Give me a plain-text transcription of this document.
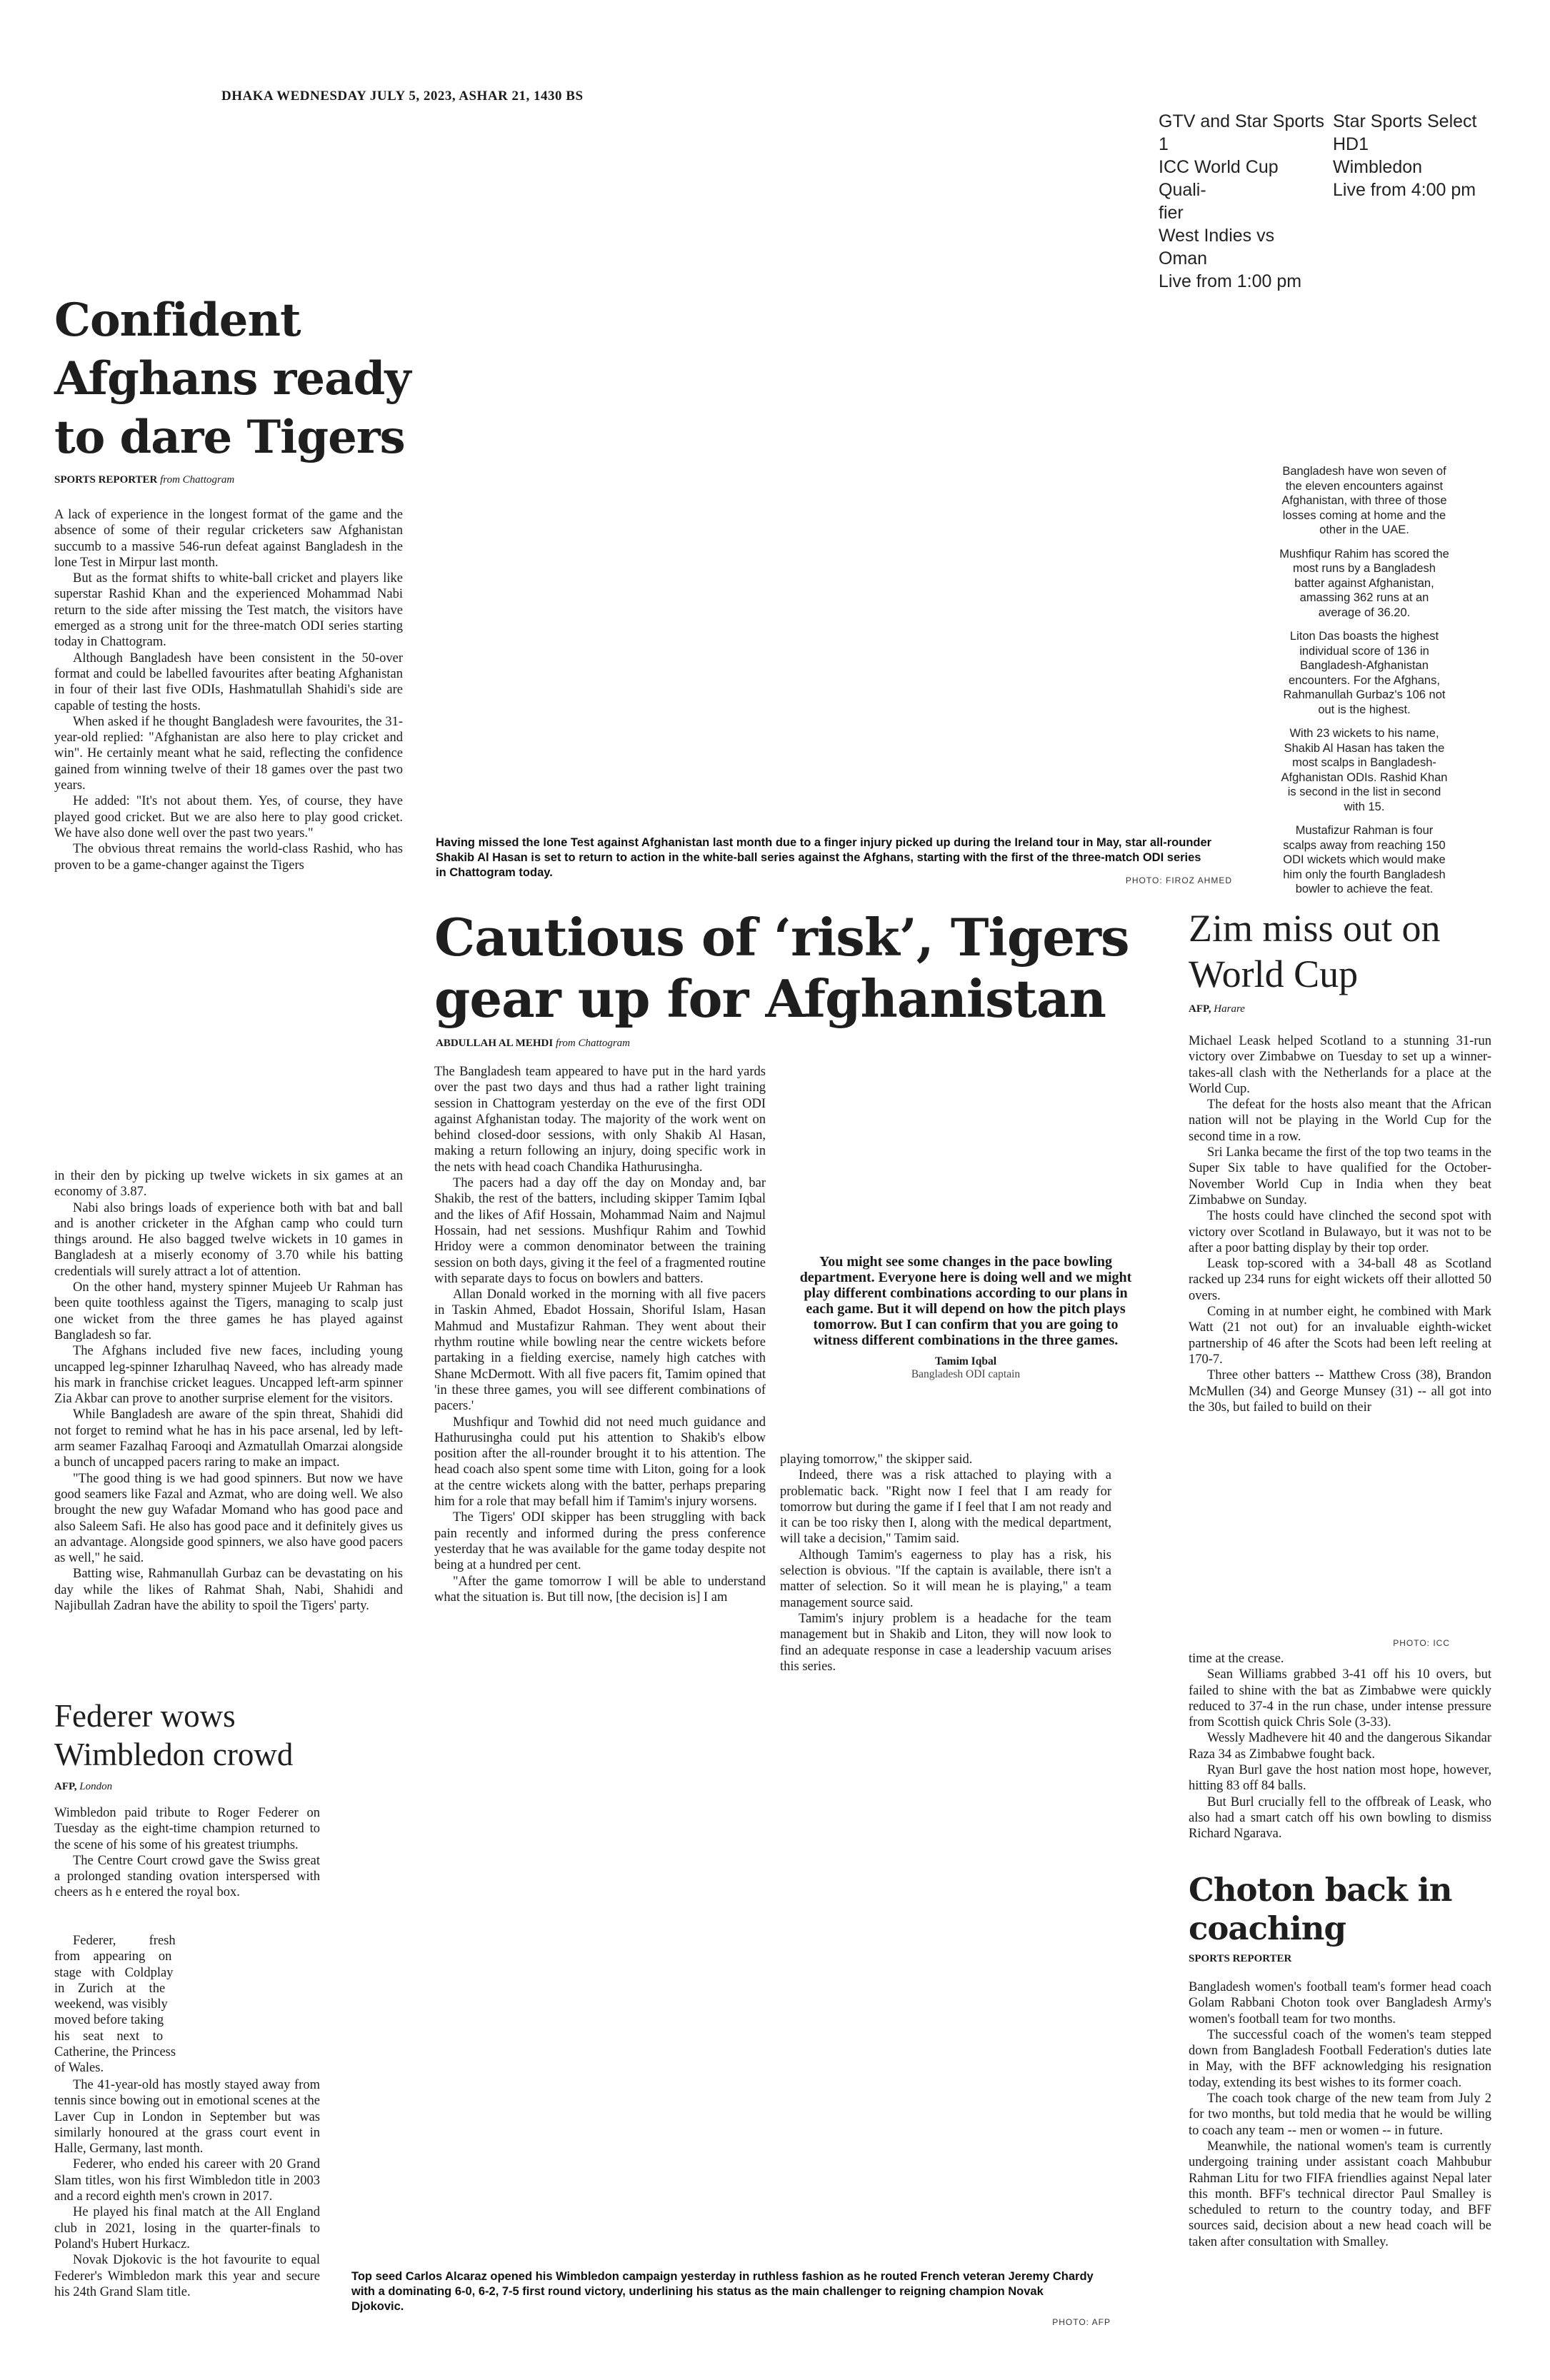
DHAKA WEDNESDAY JULY 5, 2023, ASHAR 21, 1430 BS
GTV and Star Sports 1
ICC World Cup Quali-
fier
West Indies vs Oman
Live from 1:00 pm
Star Sports Select HD1
Wimbledon
Live from 4:00 pm
Confident
Afghans ready
to dare Tigers
SPORTS REPORTER from Chattogram

A lack of experience in the longest format of the game and the absence of some of their regular cricketers saw Afghanistan succumb to a massive 546-run defeat against Bangladesh in the lone Test in Mirpur last month.

But as the format shifts to white-ball cricket and players like superstar Rashid Khan and the experienced Mohammad Nabi return to the side after missing the Test match, the visitors have emerged as a strong unit for the three-match ODI series starting today in Chattogram.

Although Bangladesh have been consistent in the 50-over format and could be labelled favourites after beating Afghanistan in four of their last five ODIs, Hashmatullah Shahidi's side are capable of testing the hosts.

When asked if he thought Bangladesh were favourites, the 31-year-old replied: "Afghanistan are also here to play cricket and win". He certainly meant what he said, reflecting the confidence gained from winning twelve of their 18 games over the past two years.

He added: "It's not about them. Yes, of course, they have played good cricket. But we are also here to play good cricket. We have also done well over the past two years."

The obvious threat remains the world-class Rashid, who has proven to be a game-changer against the Tigers

in their den by picking up twelve wickets in six games at an economy of 3.87.

Nabi also brings loads of experience both with bat and ball and is another cricketer in the Afghan camp who could turn things around. He also bagged twelve wickets in 10 games in Bangladesh at a miserly economy of 3.70 while his batting credentials will surely attract a lot of attention.

On the other hand, mystery spinner Mujeeb Ur Rahman has been quite toothless against the Tigers, managing to scalp just one wicket from the three games he has played against Bangladesh so far.

The Afghans included five new faces, including young uncapped leg-spinner Izharulhaq Naveed, who has already made his mark in franchise cricket leagues. Uncapped left-arm spinner Zia Akbar can prove to another surprise element for the visitors.

While Bangladesh are aware of the spin threat, Shahidi did not forget to remind what he has in his pace arsenal, led by left-arm seamer Fazalhaq Farooqi and Azmatullah Omarzai alongside a bunch of uncapped pacers raring to make an impact.

"The good thing is we had good spinners. But now we have good seamers like Fazal and Azmat, who are doing well. We also brought the new guy Wafadar Momand who has good pace and also Saleem Safi. He also has good pace and it definitely gives us an advantage. Alongside good spinners, we also have good pacers as well," he said.

Batting wise, Rahmanullah Gurbaz can be devastating on his day while the likes of Rahmat Shah, Nabi, Shahidi and Najibullah Zadran have the ability to spoil the Tigers' party.

Having missed the lone Test against Afghanistan last month due to a finger injury picked up during the Ireland tour in May, star all-rounder Shakib Al Hasan is set to return to action in the white-ball series against the Afghans, starting with the first of the three-match ODI series in Chattogram today.
PHOTO: FIROZ AHMED

Bangladesh have won seven of the eleven encounters against Afghanistan, with three of those losses coming at home and the other in the UAE.

Mushfiqur Rahim has scored the most runs by a Bangladesh batter against Afghanistan, amassing 362 runs at an average of 36.20.

Liton Das boasts the highest individual score of 136 in Bangladesh-Afghanistan encounters. For the Afghans, Rahmanullah Gurbaz's 106 not out is the highest.

With 23 wickets to his name, Shakib Al Hasan has taken the most scalps in Bangladesh-Afghanistan ODIs. Rashid Khan is second in the list in second with 15.

Mustafizur Rahman is four scalps away from reaching 150 ODI wickets which would make him only the fourth Bangladesh bowler to achieve the feat.

Cautious of ‘risk’, Tigers
gear up for Afghanistan
ABDULLAH AL MEHDI from Chattogram

The Bangladesh team appeared to have put in the hard yards over the past two days and thus had a rather light training session in Chattogram yesterday on the eve of the first ODI against Afghanistan today. The majority of the work went on behind closed-door sessions, with only Shakib Al Hasan, making a return following an injury, doing specific work in the nets with head coach Chandika Hathurusingha.

The pacers had a day off the day on Monday and, bar Shakib, the rest of the batters, including skipper Tamim Iqbal and the likes of Afif Hossain, Mohammad Naim and Najmul Hossain, had net sessions. Mushfiqur Rahim and Towhid Hridoy were a common denominator between the training session on both days, giving it the feel of a fragmented routine with separate days to focus on bowlers and batters.

Allan Donald worked in the morning with all five pacers in Taskin Ahmed, Ebadot Hossain, Shoriful Islam, Hasan Mahmud and Mustafizur Rahman. They went about their rhythm routine while bowling near the centre wickets before partaking in a fielding exercise, namely high catches with Shane McDermott. With all five pacers fit, Tamim opined that 'in these three games, you will see different combinations of pacers.'

Mushfiqur and Towhid did not need much guidance and Hathurusingha could put his attention to Shakib's elbow position after the all-rounder brought it to his attention. The head coach also spent some time with Liton, going for a look at the centre wickets along with the batter, perhaps preparing him for a role that may befall him if Tamim's injury worsens.

The Tigers' ODI skipper has been struggling with back pain recently and informed during the press conference yesterday that he was available for the game today despite not being at a hundred per cent.

"After the game tomorrow I will be able to understand what the situation is. But till now, [the decision is] I am

You might see some changes in the pace bowling department. Everyone here is doing well and we might play different combinations according to our plans in each game. But it will depend on how the pitch plays tomorrow. But I can confirm that you are going to witness different combinations in the three games.
Tamim Iqbal
Bangladesh ODI captain

playing tomorrow," the skipper said.

Indeed, there was a risk attached to playing with a problematic back. "Right now I feel that I am ready for tomorrow but during the game if I feel that I am not ready and it can be too risky then I, along with the medical department, will take a decision," Tamim said.

Although Tamim's eagerness to play has a risk, his selection is obvious. "If the captain is available, there isn't a matter of selection. So it will mean he is playing," a team management source said.

Tamim's injury problem is a headache for the team management but in Shakib and Liton, they will now look to find an adequate response in case a leadership vacuum arises this series.

Zim miss out on
World Cup
AFP, Harare

Michael Leask helped Scotland to a stunning 31-run victory over Zimbabwe on Tuesday to set up a winner-takes-all clash with the Netherlands for a place at the World Cup.

The defeat for the hosts also meant that the African nation will not be playing in the World Cup for the second time in a row.

Sri Lanka became the first of the top two teams in the Super Six table to have qualified for the October-November World Cup in India when they beat Zimbabwe on Sunday.

The hosts could have clinched the second spot with victory over Scotland in Bulawayo, but it was not to be after a poor batting display by their top order.

Leask top-scored with a 34-ball 48 as Scotland racked up 234 runs for eight wickets off their allotted 50 overs.

Coming in at number eight, he combined with Mark Watt (21 not out) for an invaluable eighth-wicket partnership of 46 after the Scots had been left reeling at 170-7.

Three other batters -- Matthew Cross (38), Brandon McMullen (34) and George Munsey (31) -- all got into the 30s, but failed to build on their

PHOTO: ICC

time at the crease.

Sean Williams grabbed 3-41 off his 10 overs, but failed to shine with the bat as Zimbabwe were quickly reduced to 37-4 in the run chase, under intense pressure from Scottish quick Chris Sole (3-33).

Wessly Madhevere hit 40 and the dangerous Sikandar Raza 34 as Zimbabwe fought back.

Ryan Burl gave the host nation most hope, however, hitting 83 off 84 balls.

But Burl crucially fell to the offbreak of Leask, who also had a smart catch off his own bowling to dismiss Richard Ngarava.

Federer wows
Wimbledon crowd
AFP, London

Wimbledon paid tribute to Roger Federer on Tuesday as the eight-time champion returned to the scene of his some of his greatest triumphs.

The Centre Court crowd gave the Swiss great a prolonged standing ovation interspersed with cheers as h e entered the royal box.

Federer,          fresh
from    appearing    on
stage   with   Coldplay
in    Zurich    at    the
weekend, was visibly
moved before taking
his    seat    next    to
Catherine, the Princess
of Wales.

The 41-year-old has mostly stayed away from tennis since bowing out in emotional scenes at the Laver Cup in London in September but was similarly honoured at the grass court event in Halle, Germany, last month.

Federer, who ended his career with 20 Grand Slam titles, won his first Wimbledon title in 2003 and a record eighth men's crown in 2017.

He played his final match at the All England club in 2021, losing in the quarter-finals to Poland's Hubert Hurkacz.

Novak Djokovic is the hot favourite to equal Federer's Wimbledon mark this year and secure his 24th Grand Slam title.

Top seed Carlos Alcaraz opened his Wimbledon campaign yesterday in ruthless fashion as he routed French veteran Jeremy Chardy with a dominating 6-0, 6-2, 7-5 first round victory, underlining his status as the main challenger to reigning champion Novak Djokovic.
PHOTO: AFP
Choton back in
coaching
SPORTS REPORTER

Bangladesh women's football team's former head coach Golam Rabbani Choton took over Bangladesh Army's women's football team for two months.

The successful coach of the women's team stepped down from Bangladesh Football Federation's duties late in May, with the BFF acknowledging his resignation today, extending its best wishes to its former coach.

The coach took charge of the new team from July 2 for two months, but told media that he would be willing to coach any team -- men or women -- in future.

Meanwhile, the national women's team is currently undergoing training under assistant coach Mahbubur Rahman Litu for two FIFA friendlies against Nepal later this month. BFF's technical director Paul Smalley is scheduled to return to the country today, and BFF sources said, decision about a new head coach will be taken after consultation with Smalley.
